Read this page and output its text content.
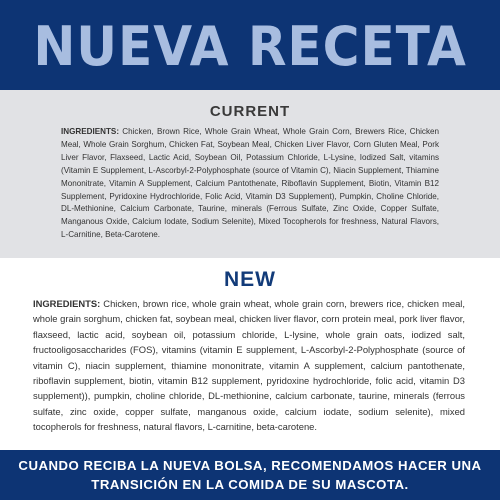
NUEVA RECETA
CURRENT
INGREDIENTS: Chicken, Brown Rice, Whole Grain Wheat, Whole Grain Corn, Brewers Rice, Chicken Meal, Whole Grain Sorghum, Chicken Fat, Soybean Meal, Chicken Liver Flavor, Corn Gluten Meal, Pork Liver Flavor, Flaxseed, Lactic Acid, Soybean Oil, Potassium Chloride, L-Lysine, Iodized Salt, vitamins (Vitamin E Supplement, L-Ascorbyl-2-Polyphosphate (source of Vitamin C), Niacin Supplement, Thiamine Mononitrate, Vitamin A Supplement, Calcium Pantothenate, Riboflavin Supplement, Biotin, Vitamin B12 Supplement, Pyridoxine Hydrochloride, Folic Acid, Vitamin D3 Supplement), Pumpkin, Choline Chloride, DL-Methionine, Calcium Carbonate, Taurine, minerals (Ferrous Sulfate, Zinc Oxide, Copper Sulfate, Manganous Oxide, Calcium Iodate, Sodium Selenite), Mixed Tocopherols for freshness, Natural Flavors, L-Carnitine, Beta-Carotene.
NEW
INGREDIENTS: Chicken, brown rice, whole grain wheat, whole grain corn, brewers rice, chicken meal, whole grain sorghum, chicken fat, soybean meal, chicken liver flavor, corn protein meal, pork liver flavor, flaxseed, lactic acid, soybean oil, potassium chloride, L-lysine, whole grain oats, iodized salt, fructooligosaccharides (FOS), vitamins (vitamin E supplement, L-Ascorbyl-2-Polyphosphate (source of vitamin C), niacin supplement, thiamine mononitrate, vitamin A supplement, calcium pantothenate, riboflavin supplement, biotin, vitamin B12 supplement, pyridoxine hydrochloride, folic acid, vitamin D3 supplement)), pumpkin, choline chloride, DL-methionine, calcium carbonate, taurine, minerals (ferrous sulfate, zinc oxide, copper sulfate, manganous oxide, calcium iodate, sodium selenite), mixed tocopherols for freshness, natural flavors, L-carnitine, beta-carotene.
CUANDO RECIBA LA NUEVA BOLSA, RECOMENDAMOS HACER UNA
TRANSICIÓN EN LA COMIDA DE SU MASCOTA.
